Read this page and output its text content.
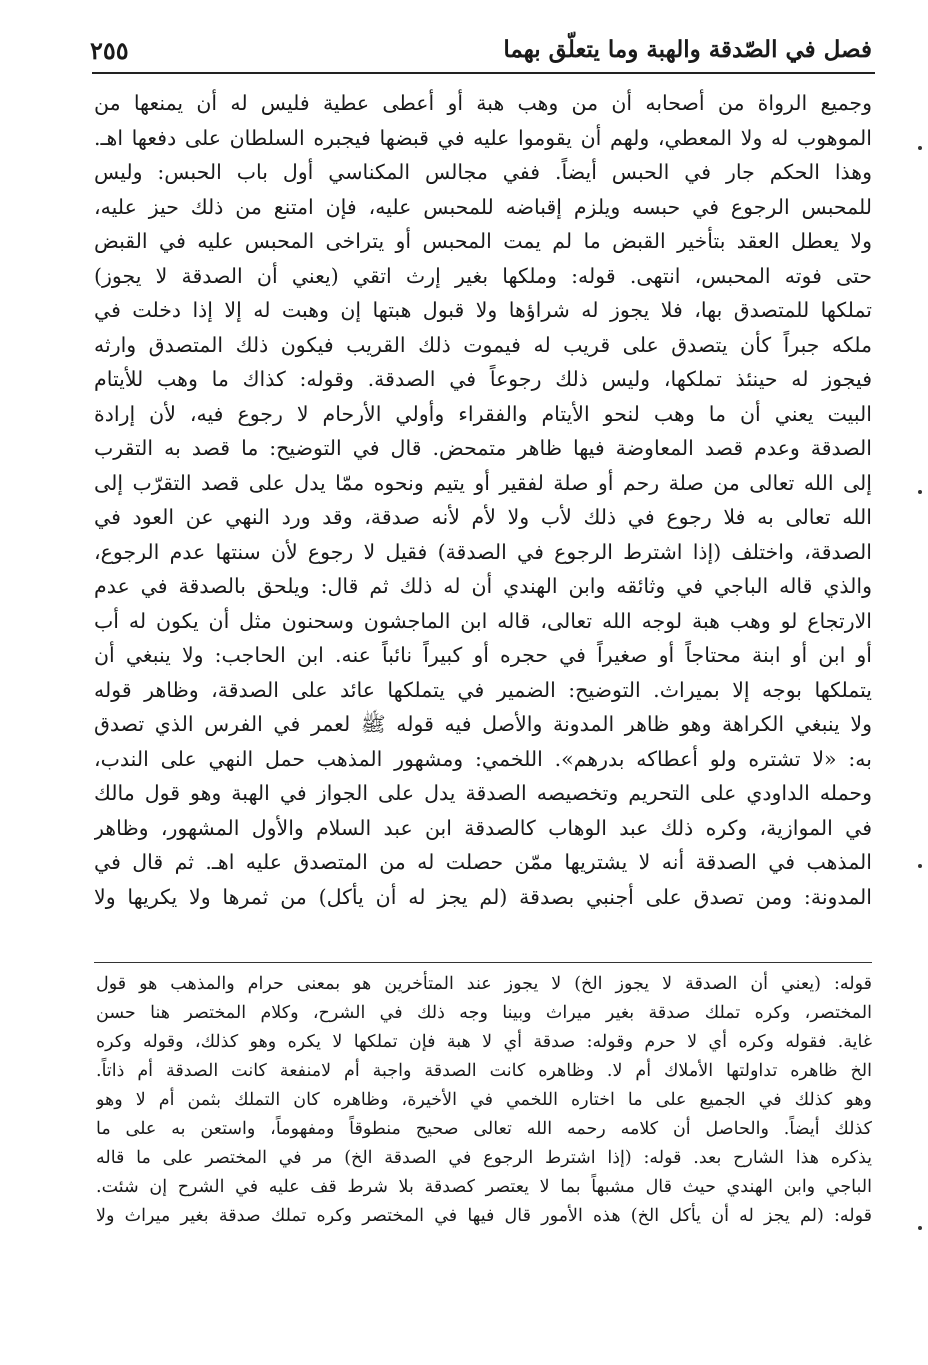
فصل في الصّدقة والهبة وما يتعلّق بهما
٢٥٥
وجميع الرواة من أصحابه أن من وهب هبة أو أعطى عطية فليس له أن يمنعها من
الموهوب له ولا المعطي، ولهم أن يقوموا عليه في قبضها فيجبره السلطان على دفعها اهـ.
وهذا الحكم جار في الحبس أيضاً. ففي مجالس المكناسي أول باب الحبس: وليس
للمحبس الرجوع في حبسه ويلزم إقباضه للمحبس عليه، فإن امتنع من ذلك حيز عليه،
ولا يعطل العقد بتأخير القبض ما لم يمت المحبس أو يتراخى المحبس عليه في القبض
حتى فوته المحبس، انتهى. قوله: وملكها بغير إرث اتقي (يعني أن الصدقة لا يجوز)
تملكها للمتصدق بها، فلا يجوز له شراؤها ولا قبول هبتها إن وهبت له إلا إذا دخلت في
ملكه جبراً كأن يتصدق على قريب له فيموت ذلك القريب فيكون ذلك المتصدق وارثه
فيجوز له حينئذ تملكها، وليس ذلك رجوعاً في الصدقة. وقوله: كذاك ما وهب للأيتام
البيت يعني أن ما وهب لنحو الأيتام والفقراء وأولي الأرحام لا رجوع فيه، لأن إرادة
الصدقة وعدم قصد المعاوضة فيها ظاهر متمحض. قال في التوضيح: ما قصد به التقرب
إلى الله تعالى من صلة رحم أو صلة لفقير أو يتيم ونحوه ممّا يدل على قصد التقرّب إلى
الله تعالى به فلا رجوع في ذلك لأب ولا لأم لأنه صدقة، وقد ورد النهي عن العود في
الصدقة، واختلف (إذا اشترط الرجوع في الصدقة) فقيل لا رجوع لأن سنتها عدم الرجوع،
والذي قاله الباجي في وثائقه وابن الهندي أن له ذلك ثم قال: ويلحق بالصدقة في عدم
الارتجاع لو وهب هبة لوجه الله تعالى، قاله ابن الماجشون وسحنون مثل أن يكون له أب
أو ابن أو ابنة محتاجاً أو صغيراً في حجره أو كبيراً نائباً عنه. ابن الحاجب: ولا ينبغي أن
يتملكها بوجه إلا بميراث. التوضيح: الضمير في يتملكها عائد على الصدقة، وظاهر قوله
ولا ينبغي الكراهة وهو ظاهر المدونة والأصل فيه قوله ﷺ لعمر في الفرس الذي تصدق
به: «لا تشتره ولو أعطاكه بدرهم». اللخمي: ومشهور المذهب حمل النهي على الندب،
وحمله الداودي على التحريم وتخصيصه الصدقة يدل على الجواز في الهبة وهو قول مالك
في الموازية، وكره ذلك عبد الوهاب كالصدقة ابن عبد السلام والأول المشهور، وظاهر
المذهب في الصدقة أنه لا يشتريها ممّن حصلت له من المتصدق عليه اهـ. ثم قال في
المدونة: ومن تصدق على أجنبي بصدقة (لم يجز له أن يأكل) من ثمرها ولا يكريها ولا
قوله: (يعني أن الصدقة لا يجوز الخ) لا يجوز عند المتأخرين هو بمعنى حرام والمذهب هو قول
المختصر، وكره تملك صدقة بغير ميراث وبينا وجه ذلك في الشرح، وكلام المختصر هنا حسن
غاية. فقوله وكره أي لا حرم وقوله: صدقة أي لا هبة فإن تملكها لا يكره وهو كذلك، وقوله وكره
الخ ظاهره تداولتها الأملاك أم لا. وظاهره كانت الصدقة واجبة أم لامنفعة كانت الصدقة أم ذاتاً.
وهو كذلك في الجميع على ما اختاره اللخمي في الأخيرة، وظاهره كان التملك بثمن أم لا وهو
كذلك أيضاً. والحاصل أن كلامه رحمه الله تعالى صحيح منطوقاً ومفهوماً، واستعن به على ما
يذكره هذا الشارح بعد. قوله: (إذا اشترط الرجوع في الصدقة الخ) مر في المختصر على ما قاله
الباجي وابن الهندي حيث قال مشبهاً بما لا يعتصر كصدقة بلا شرط قف عليه في الشرح إن شئت.
قوله: (لم يجز له أن يأكل الخ) هذه الأمور قال فيها في المختصر وكره تملك صدقة بغير ميراث ولا
